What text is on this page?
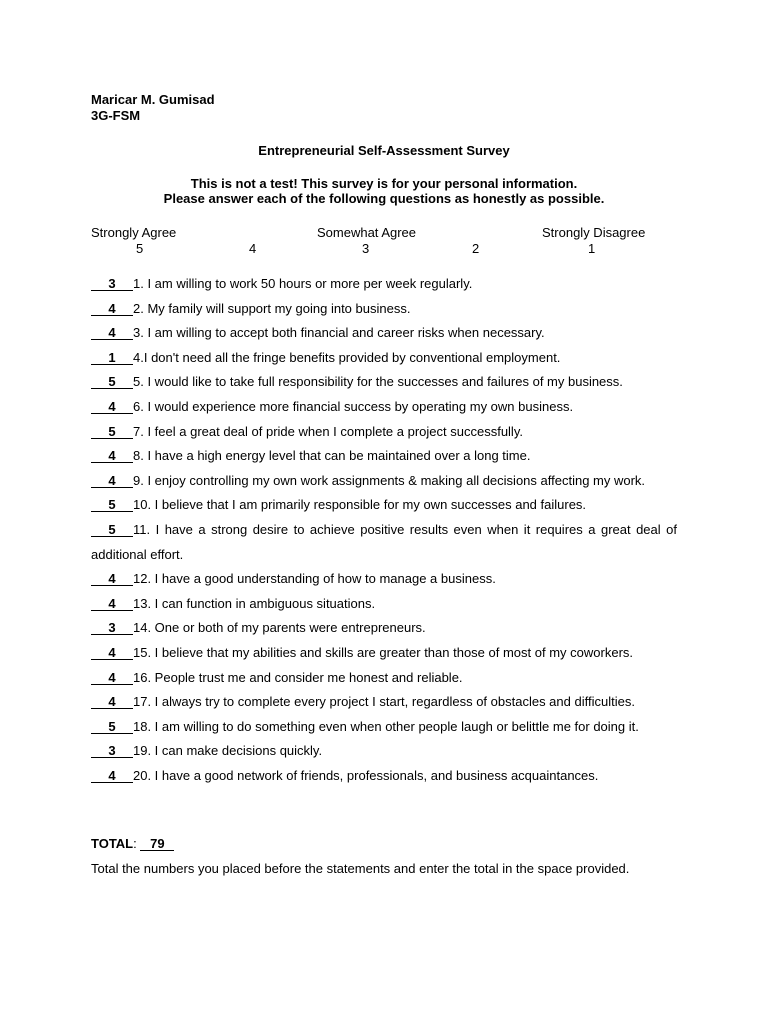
Maricar M. Gumisad
3G-FSM
Entrepreneurial Self-Assessment Survey
This is not a test! This survey is for your personal information.
Please answer each of the following questions as honestly as possible.
Strongly Agree	Somewhat Agree	Strongly Disagree
5	4	3	2	1
3 1. I am willing to work 50 hours or more per week regularly.
4 2. My family will support my going into business.
4 3. I am willing to accept both financial and career risks when necessary.
1 4.I don't need all the fringe benefits provided by conventional employment.
5 5. I would like to take full responsibility for the successes and failures of my business.
4 6. I would experience more financial success by operating my own business.
5 7. I feel a great deal of pride when I complete a project successfully.
4 8. I have a high energy level that can be maintained over a long time.
4 9. I enjoy controlling my own work assignments & making all decisions affecting my work.
5 10. I believe that I am primarily responsible for my own successes and failures.
5 11. I have a strong desire to achieve positive results even when it requires a great deal of additional effort.
4 12. I have a good understanding of how to manage a business.
4 13. I can function in ambiguous situations.
3 14. One or both of my parents were entrepreneurs.
4 15. I believe that my abilities and skills are greater than those of most of my coworkers.
4 16. People trust me and consider me honest and reliable.
4 17. I always try to complete every project I start, regardless of obstacles and difficulties.
5 18. I am willing to do something even when other people laugh or belittle me for doing it.
3 19. I can make decisions quickly.
4 20. I have a good network of friends, professionals, and business acquaintances.
TOTAL: 79
Total the numbers you placed before the statements and enter the total in the space provided.
